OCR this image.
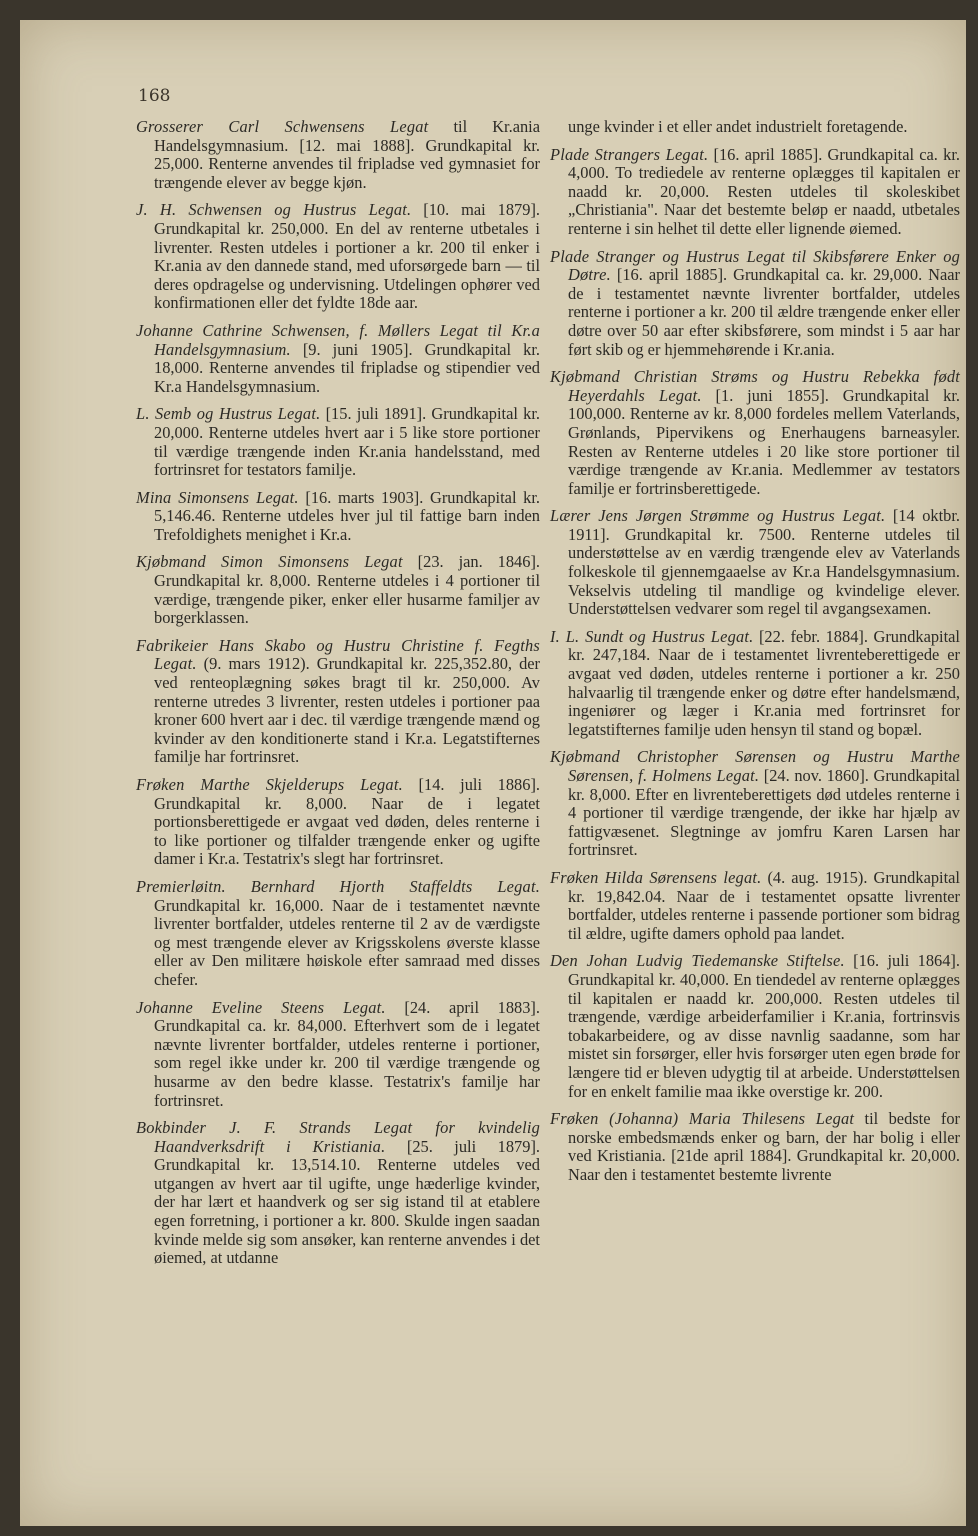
168

Grosserer Carl Schwensens Legat til Kr.ania Handelsgymnasium. [12. mai 1888]. Grundkapital kr. 25,000. Renterne anvendes til fripladse ved gymnasiet for trængende elever av begge kjøn.

J. H. Schwensen og Hustrus Legat. [10. mai 1879]. Grundkapital kr. 250,000. En del av renterne utbetales i livrenter. Resten utdeles i portioner a kr. 200 til enker i Kr.ania av den dannede stand, med uforsørgede barn — til deres opdragelse og undervisning. Utdelingen ophører ved konfirmationen eller det fyldte 18de aar.

Johanne Cathrine Schwensen, f. Møllers Legat til Kr.a Handelsgymnasium. [9. juni 1905]. Grundkapital kr. 18,000. Renterne anvendes til fripladse og stipendier ved Kr.a Handelsgymnasium.

L. Semb og Hustrus Legat. [15. juli 1891]. Grundkapital kr. 20,000. Renterne utdeles hvert aar i 5 like store portioner til værdige trængende inden Kr.ania handelsstand, med fortrinsret for testators familje.

Mina Simonsens Legat. [16. marts 1903]. Grundkapital kr. 5,146.46. Renterne utdeles hver jul til fattige barn inden Trefoldighets menighet i Kr.a.

Kjøbmand Simon Simonsens Legat [23. jan. 1846]. Grundkapital kr. 8,000. Renterne utdeles i 4 portioner til værdige, trængende piker, enker eller husarme familjer av borgerklassen.

Fabrikeier Hans Skabo og Hustru Christine f. Fegths Legat. (9. mars 1912). Grundkapital kr. 225,352.80, der ved renteoplægning søkes bragt til kr. 250,000. Av renterne utredes 3 livrenter, resten utdeles i portioner paa kroner 600 hvert aar i dec. til værdige trængende mænd og kvinder av den konditionerte stand i Kr.a. Legatstifternes familje har fortrinsret.

Frøken Marthe Skjelderups Legat. [14. juli 1886]. Grundkapital kr. 8,000. Naar de i legatet portionsberettigede er avgaat ved døden, deles renterne i to like portioner og tilfalder trængende enker og ugifte damer i Kr.a. Testatrix's slegt har fortrinsret.

Premierløitn. Bernhard Hjorth Staffeldts Legat. Grundkapital kr. 16,000. Naar de i testamentet nævnte livrenter bortfalder, utdeles renterne til 2 av de værdigste og mest trængende elever av Krigsskolens øverste klasse eller av Den militære høiskole efter samraad med disses chefer.

Johanne Eveline Steens Legat. [24. april 1883]. Grundkapital ca. kr. 84,000. Efterhvert som de i legatet nævnte livrenter bortfalder, utdeles renterne i portioner, som regel ikke under kr. 200 til værdige trængende og husarme av den bedre klasse. Testatrix's familje har fortrinsret.

Bokbinder J. F. Strands Legat for kvindelig Haandverksdrift i Kristiania. [25. juli 1879]. Grundkapital kr. 13,514.10. Renterne utdeles ved utgangen av hvert aar til ugifte, unge hæderlige kvinder, der har lært et haandverk og ser sig istand til at etablere egen forretning, i portioner a kr. 800. Skulde ingen saadan kvinde melde sig som ansøker, kan renterne anvendes i det øiemed, at utdanne

unge kvinder i et eller andet industrielt foretagende.

Plade Strangers Legat. [16. april 1885]. Grundkapital ca. kr. 4,000. To trediedele av renterne oplægges til kapitalen er naadd kr. 20,000. Resten utdeles til skoleskibet „Christiania". Naar det bestemte beløp er naadd, utbetales renterne i sin helhet til dette eller lignende øiemed.

Plade Stranger og Hustrus Legat til Skibsførere Enker og Døtre. [16. april 1885]. Grundkapital ca. kr. 29,000. Naar de i testamentet nævnte livrenter bortfalder, utdeles renterne i portioner a kr. 200 til ældre trængende enker eller døtre over 50 aar efter skibsførere, som mindst i 5 aar har ført skib og er hjemmehørende i Kr.ania.

Kjøbmand Christian Strøms og Hustru Rebekka født Heyerdahls Legat. [1. juni 1855]. Grundkapital kr. 100,000. Renterne av kr. 8,000 fordeles mellem Vaterlands, Grønlands, Pipervikens og Enerhaugens barneasyler. Resten av Renterne utdeles i 20 like store portioner til værdige trængende av Kr.ania. Medlemmer av testators familje er fortrinsberettigede.

Lærer Jens Jørgen Strømme og Hustrus Legat. [14 oktbr. 1911]. Grundkapital kr. 7500. Renterne utdeles til understøttelse av en værdig trængende elev av Vaterlands folkeskole til gjennemgaaelse av Kr.a Handelsgymnasium. Vekselvis utdeling til mandlige og kvindelige elever. Understøttelsen vedvarer som regel til avgangsexamen.

I. L. Sundt og Hustrus Legat. [22. febr. 1884]. Grundkapital kr. 247,184. Naar de i testamentet livrenteberettigede er avgaat ved døden, utdeles renterne i portioner a kr. 250 halvaarlig til trængende enker og døtre efter handelsmænd, ingeniører og læger i Kr.ania med fortrinsret for legatstifternes familje uden hensyn til stand og bopæl.

Kjøbmand Christopher Sørensen og Hustru Marthe Sørensen, f. Holmens Legat. [24. nov. 1860]. Grundkapital kr. 8,000. Efter en livrenteberettigets død utdeles renterne i 4 portioner til værdige trængende, der ikke har hjælp av fattigvæsenet. Slegtninge av jomfru Karen Larsen har fortrinsret.

Frøken Hilda Sørensens legat. (4. aug. 1915). Grundkapital kr. 19,842.04. Naar de i testamentet opsatte livrenter bortfalder, utdeles renterne i passende portioner som bidrag til ældre, ugifte damers ophold paa landet.

Den Johan Ludvig Tiedemanske Stiftelse. [16. juli 1864]. Grundkapital kr. 40,000. En tiendedel av renterne oplægges til kapitalen er naadd kr. 200,000. Resten utdeles til trængende, værdige arbeiderfamilier i Kr.ania, fortrinsvis tobakarbeidere, og av disse navnlig saadanne, som har mistet sin forsørger, eller hvis forsørger uten egen brøde for længere tid er bleven udygtig til at arbeide. Understøttelsen for en enkelt familie maa ikke overstige kr. 200.

Frøken (Johanna) Maria Thilesens Legat til bedste for norske embedsmænds enker og barn, der har bolig i eller ved Kristiania. [21de april 1884]. Grundkapital kr. 20,000. Naar den i testamentet bestemte livrente
